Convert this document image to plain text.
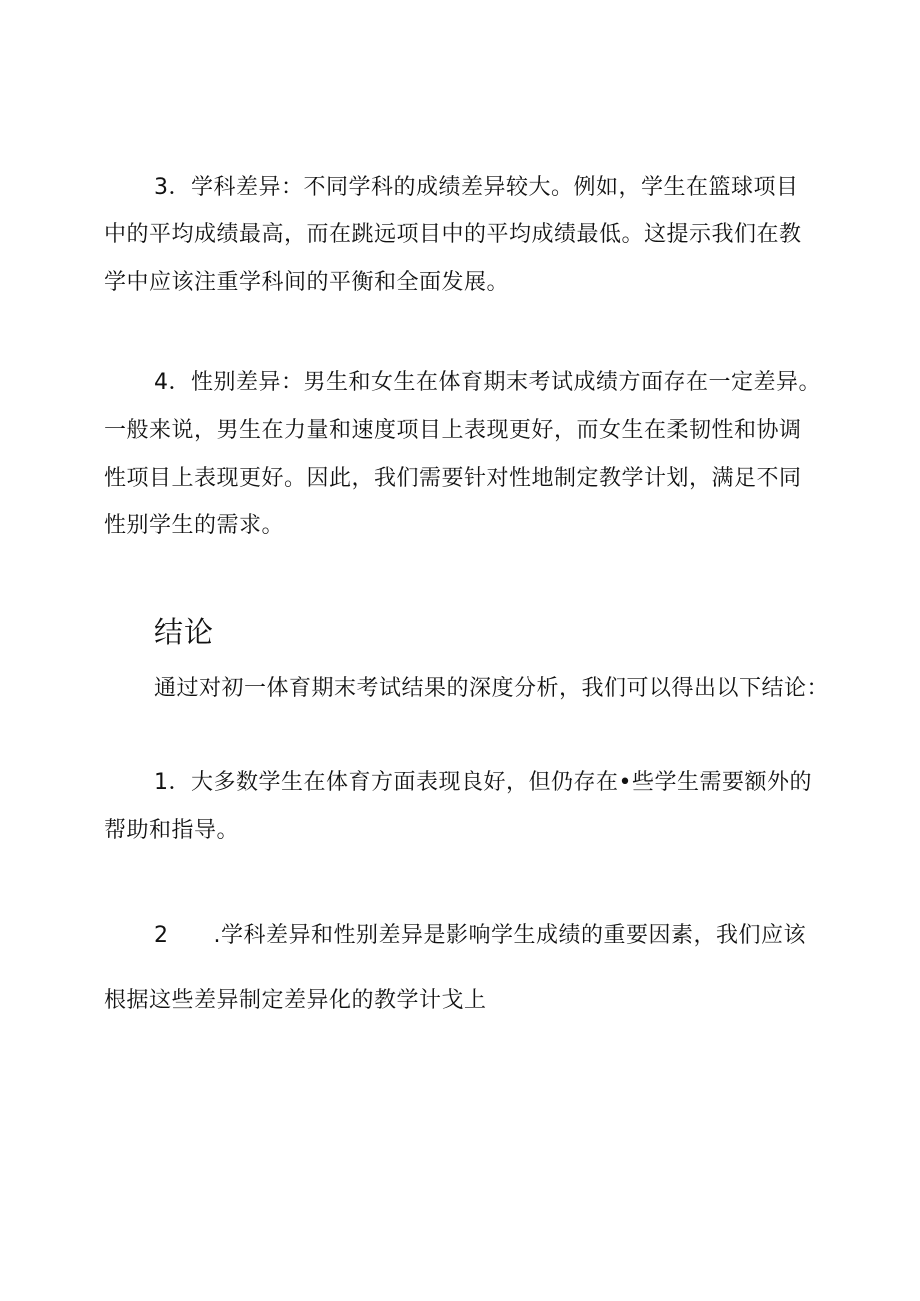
3．学科差异：不同学科的成绩差异较大。例如，学生在篮球项目
中的平均成绩最高，而在跳远项目中的平均成绩最低。这提示我们在教
学中应该注重学科间的平衡和全面发展。
4．性别差异：男生和女生在体育期末考试成绩方面存在一定差异。
一般来说，男生在力量和速度项目上表现更好，而女生在柔韧性和协调
性项目上表现更好。因此，我们需要针对性地制定教学计划，满足不同
性别学生的需求。
结论
通过对初一体育期末考试结果的深度分析，我们可以得出以下结论：
1．大多数学生在体育方面表现良好，但仍存在•些学生需要额外的
帮助和指导。
2　　.学科差异和性别差异是影响学生成绩的重要因素，我们应该
根据这些差异制定差异化的教学计戈上
